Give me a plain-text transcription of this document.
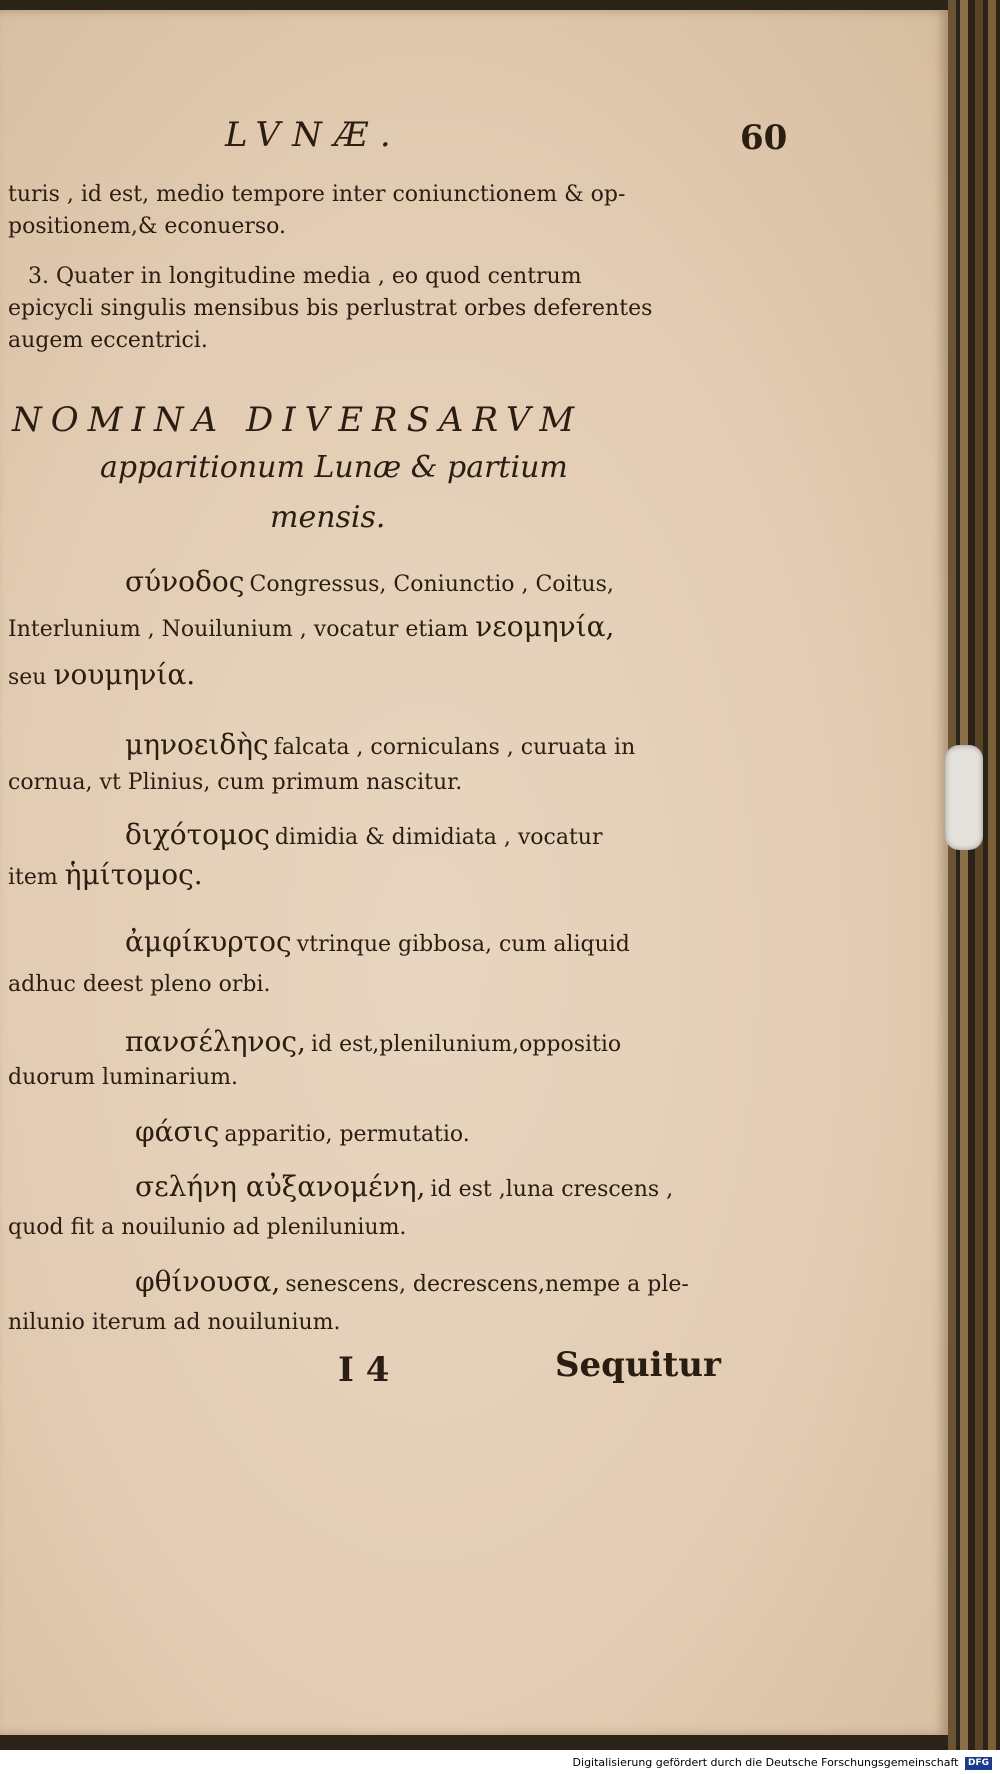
LVNÆ.	60
turis , id est, medio tempore inter coniunctionem & op-
positionem,& econuerso.
3. Quater in longitudine media , eo quod centrum
epicycli singulis mensibus bis perlustrat orbes deferentes
augem eccentrici.
NOMINA DIVERSARVM
apparitionum Lunæ & partium
mensis.
σύνοδος Congressus, Coniunctio , Coitus,
Interlunium , Nouilunium , vocatur etiam νεομηνία,
seu νουμηνία.
μηνοειδὴς falcata , corniculans , curuata in
cornua, vt Plinius, cum primum nascitur.
διχότομος dimidia & dimidiata , vocatur
item ἡμίτομος.
ἀμφίκυρτος vtrinque gibbosa, cum aliquid
adhuc deest pleno orbi.
πανσέληνος, id est,plenilunium,oppositio
duorum luminarium.
φάσις apparitio, permutatio.
σελήνη αὐξανομένη, id est ,luna crescens ,
quod fit a nouilunio ad plenilunium.
φθίνουσα, senescens, decrescens,nempe a ple-
nilunio iterum ad nouilunium.
I 4	Sequitur
Digitalisierung gefördert durch die Deutsche Forschungsgemeinschaft DFG
